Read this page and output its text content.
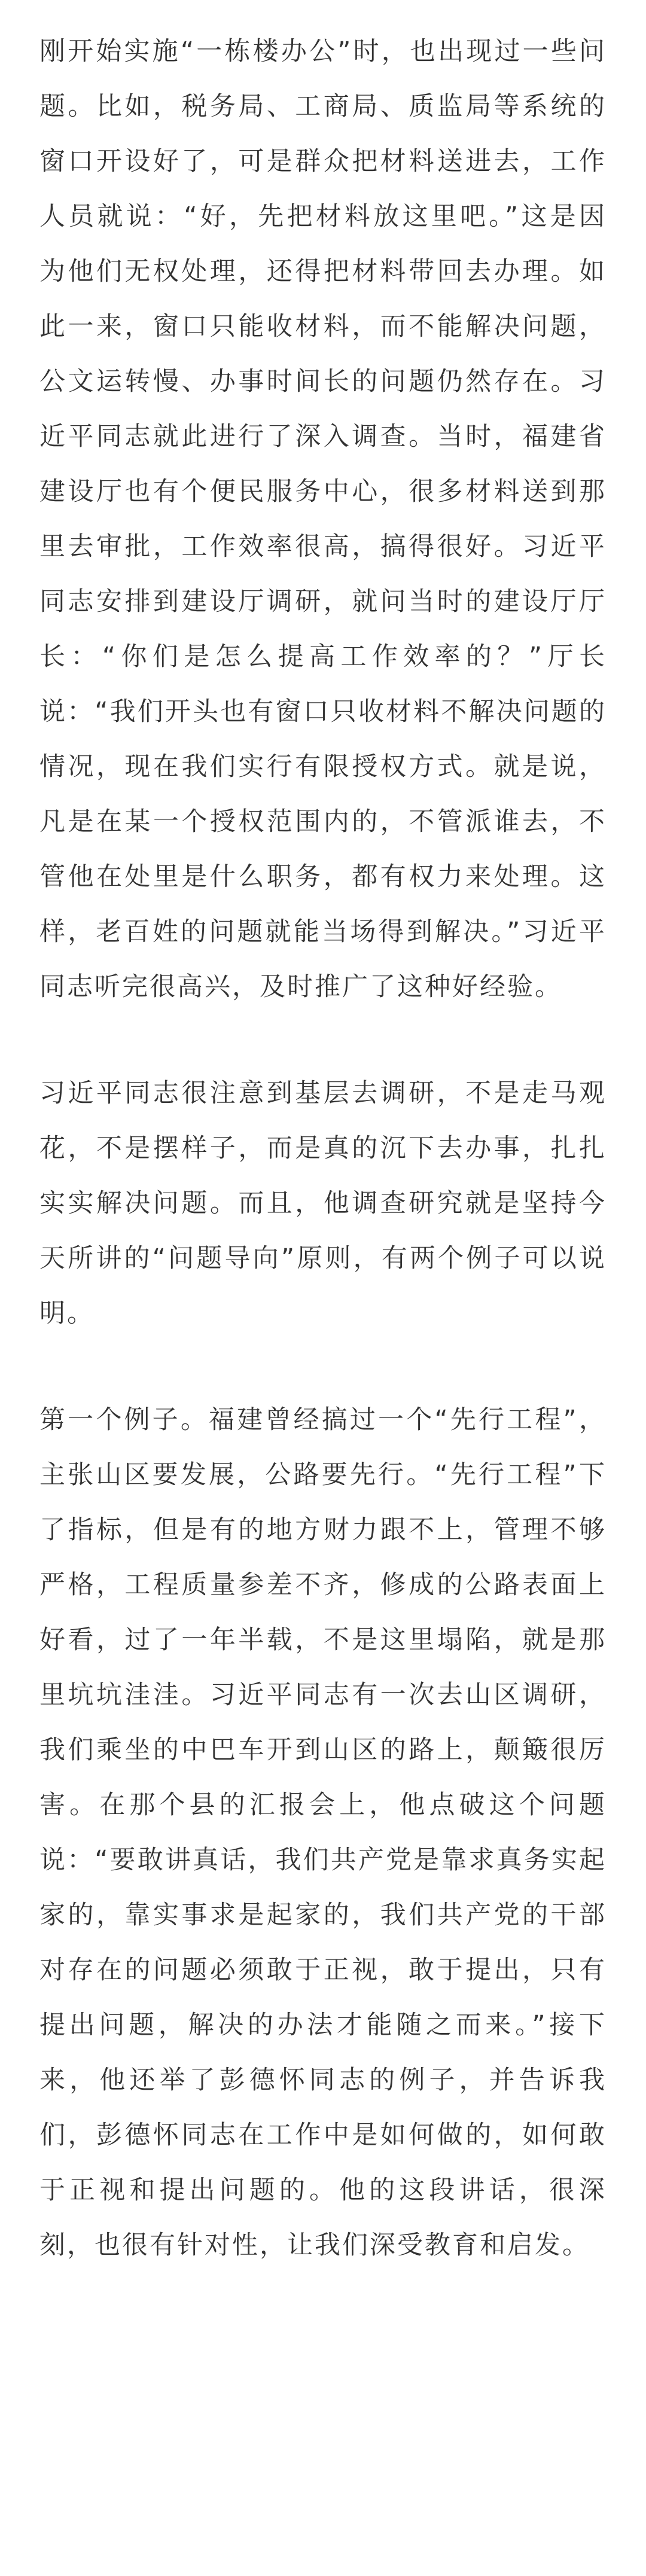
刚开始实施“一栋楼办公”时，也出现过一些问题。比如，税务局、工商局、质监局等系统的窗口开设好了，可是群众把材料送进去，工作人员就说：“好，先把材料放这里吧。”这是因为他们无权处理，还得把材料带回去办理。如此一来，窗口只能收材料，而不能解决问题，公文运转慢、办事时间长的问题仍然存在。习近平同志就此进行了深入调查。当时，福建省建设厅也有个便民服务中心，很多材料送到那里去审批，工作效率很高，搞得很好。习近平同志安排到建设厅调研，就问当时的建设厅厅长：“你们是怎么提高工作效率的？”厅长说：“我们开头也有窗口只收材料不解决问题的情况，现在我们实行有限授权方式。就是说，凡是在某一个授权范围内的，不管派谁去，不管他在处里是什么职务，都有权力来处理。这样，老百姓的问题就能当场得到解决。”习近平同志听完很高兴，及时推广了这种好经验。

习近平同志很注意到基层去调研，不是走马观花，不是摆样子，而是真的沉下去办事，扎扎实实解决问题。而且，他调查研究就是坚持今天所讲的“问题导向”原则，有两个例子可以说明。

第一个例子。福建曾经搞过一个“先行工程”，主张山区要发展，公路要先行。“先行工程”下了指标，但是有的地方财力跟不上，管理不够严格，工程质量参差不齐，修成的公路表面上好看，过了一年半载，不是这里塌陷，就是那里坑坑洼洼。习近平同志有一次去山区调研，我们乘坐的中巴车开到山区的路上，颠簸很厉害。在那个县的汇报会上，他点破这个问题说：“要敢讲真话，我们共产党是靠求真务实起家的，靠实事求是起家的，我们共产党的干部对存在的问题必须敢于正视，敢于提出，只有提出问题，解决的办法才能随之而来。”接下来，他还举了彭德怀同志的例子，并告诉我们，彭德怀同志在工作中是如何做的，如何敢于正视和提出问题的。他的这段讲话，很深刻，也很有针对性，让我们深受教育和启发。
